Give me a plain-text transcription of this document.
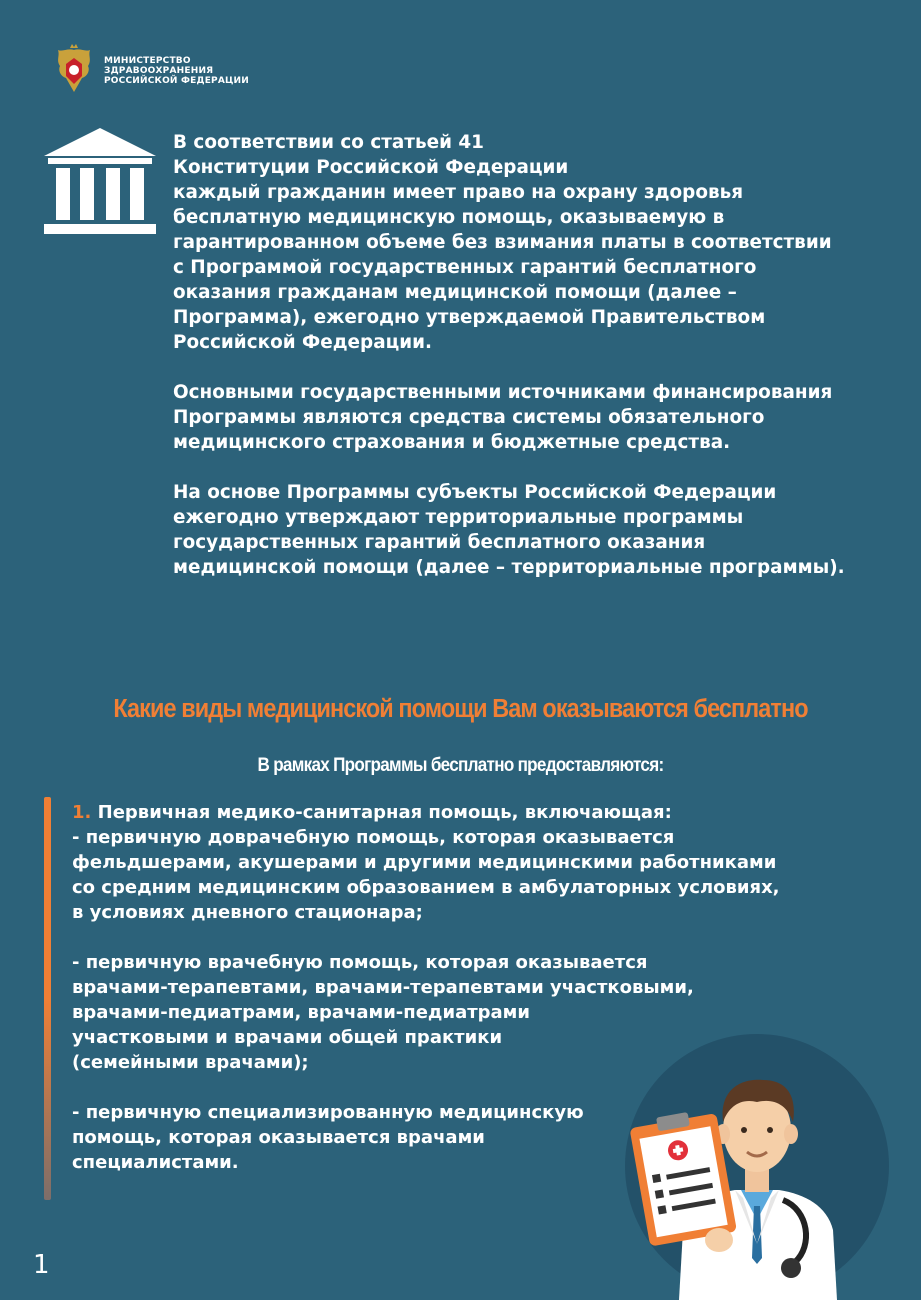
МИНИСТЕРСТВО
ЗДРАВООХРАНЕНИЯ
РОССИЙСКОЙ ФЕДЕРАЦИИ

В соответствии со статьей 41
Конституции Российской Федерации
каждый гражданин имеет право на охрану здоровья
бесплатную медицинскую помощь, оказываемую в
гарантированном объеме без взимания платы в соответствии
с Программой государственных гарантий бесплатного
оказания гражданам медицинской помощи (далее –
Программа), ежегодно утверждаемой Правительством
Российской Федерации.

Основными государственными источниками финансирования
Программы являются средства системы обязательного
медицинского страхования и бюджетные средства.

На основе Программы субъекты Российской Федерации
ежегодно утверждают территориальные программы
государственных гарантий бесплатного оказания
медицинской помощи (далее – территориальные программы).

Какие виды медицинской помощи Вам оказываются бесплатно
В рамках Программы бесплатно предоставляются:

1. Первичная медико-санитарная помощь, включающая:
- первичную доврачебную помощь, которая оказывается
фельдшерами, акушерами и другими медицинскими работниками
со средним медицинским образованием в амбулаторных условиях,
в условиях дневного стационара;

- первичную врачебную помощь, которая оказывается
врачами-терапевтами, врачами-терапевтами участковыми,
врачами-педиатрами, врачами-педиатрами
участковыми и врачами общей практики
(семейными врачами);

- первичную специализированную медицинскую
помощь, которая оказывается врачами
специалистами.

1
